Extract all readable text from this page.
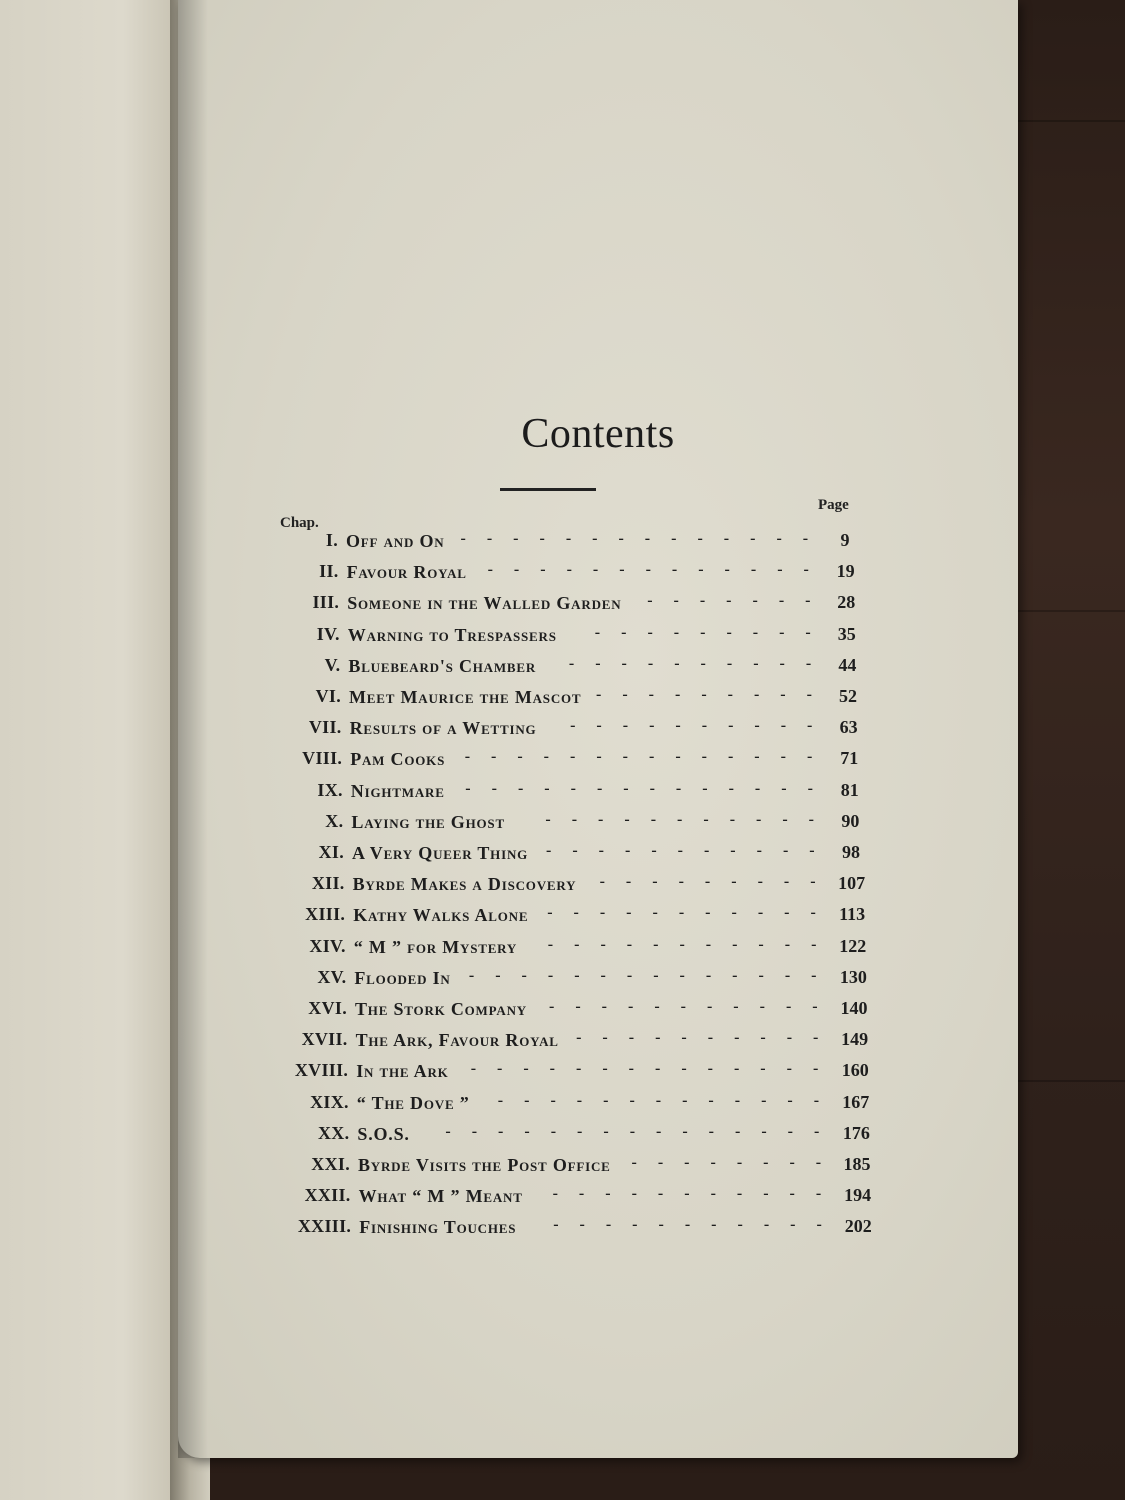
Contents
Page
Chap.
I. Off and On -------------- 9
II. Favour Royal ------------- 19
III. Someone in the Walled Garden ------- 28
IV. Warning to Trespassers --------- 35
V. Bluebeard's Chamber ---------- 44
VI. Meet Maurice the Mascot --------- 52
VII. Results of a Wetting ---------- 63
VIII. Pam Cooks -------------- 71
IX. Nightmare -------------- 81
X. Laying the Ghost	----------- 90
XI. A Very Queer Thing ----------- 98
XII. Byrde Makes a Discovery --------- 107
XIII. Kathy Walks Alone ----------- 113
XIV. “ M ” for Mystery ----------- 122
XV. Flooded In -------------- 130
XVI. The Stork Company ----------- 140
XVII. The Ark, Favour Royal ---------- 149
XVIII. In the Ark -------------- 160
XIX. “ The Dove ” ------------- 167
XX. S.O.S. --------------- 176
XXI. Byrde Visits the Post Office -------- 185
XXII. What “ M ” Meant ----------- 194
XXIII. Finishing Touches ----------- 202
